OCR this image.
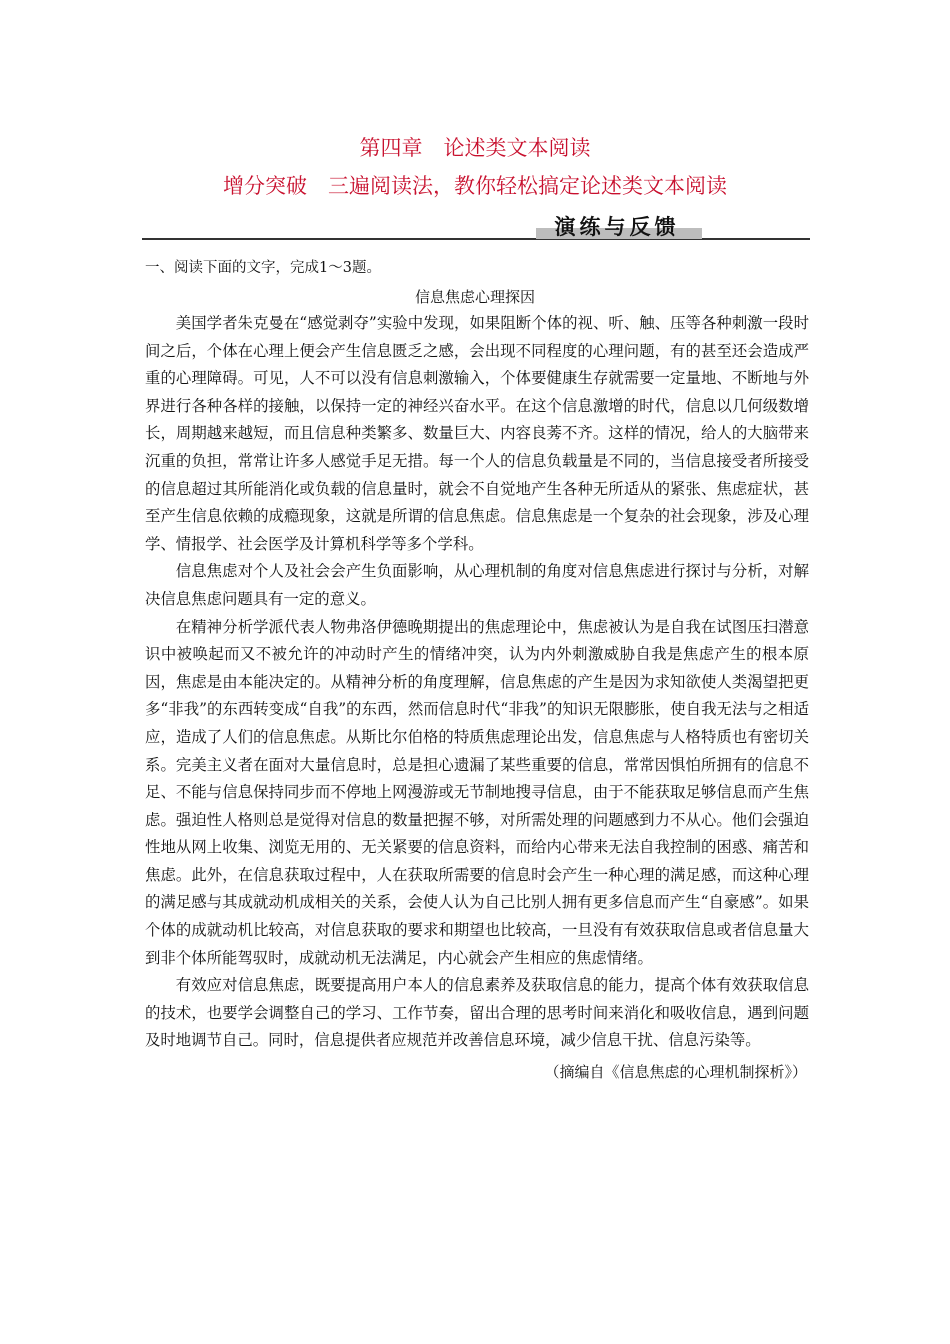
第四章　论述类文本阅读
增分突破　三遍阅读法，教你轻松搞定论述类文本阅读
演练与反馈
一、阅读下面的文字，完成1～3题。
信息焦虑心理探因

美国学者朱克曼在“感觉剥夺”实验中发现，如果阻断个体的视、听、触、压等各种刺激一段时间之后，个体在心理上便会产生信息匮乏之感，会出现不同程度的心理问题，有的甚至还会造成严重的心理障碍。可见，人不可以没有信息刺激输入，个体要健康生存就需要一定量地、不断地与外界进行各种各样的接触，以保持一定的神经兴奋水平。在这个信息激增的时代，信息以几何级数增长，周期越来越短，而且信息种类繁多、数量巨大、内容良莠不齐。这样的情况，给人的大脑带来沉重的负担，常常让许多人感觉手足无措。每一个人的信息负载量是不同的，当信息接受者所接受的信息超过其所能消化或负载的信息量时，就会不自觉地产生各种无所适从的紧张、焦虑症状，甚至产生信息依赖的成瘾现象，这就是所谓的信息焦虑。信息焦虑是一个复杂的社会现象，涉及心理学、情报学、社会医学及计算机科学等多个学科。

信息焦虑对个人及社会会产生负面影响，从心理机制的角度对信息焦虑进行探讨与分析，对解决信息焦虑问题具有一定的意义。

在精神分析学派代表人物弗洛伊德晚期提出的焦虑理论中，焦虑被认为是自我在试图压扫潜意识中被唤起而又不被允许的冲动时产生的情绪冲突，认为内外刺激威胁自我是焦虑产生的根本原因，焦虑是由本能决定的。从精神分析的角度理解，信息焦虑的产生是因为求知欲使人类渴望把更多“非我”的东西转变成“自我”的东西，然而信息时代“非我”的知识无限膨胀，使自我无法与之相适应，造成了人们的信息焦虑。从斯比尔伯格的特质焦虑理论出发，信息焦虑与人格特质也有密切关系。完美主义者在面对大量信息时，总是担心遗漏了某些重要的信息，常常因惧怕所拥有的信息不足、不能与信息保持同步而不停地上网漫游或无节制地搜寻信息，由于不能获取足够信息而产生焦虑。强迫性人格则总是觉得对信息的数量把握不够，对所需处理的问题感到力不从心。他们会强迫性地从网上收集、浏览无用的、无关紧要的信息资料，而给内心带来无法自我控制的困惑、痛苦和焦虑。此外，在信息获取过程中，人在获取所需要的信息时会产生一种心理的满足感，而这种心理的满足感与其成就动机成相关的关系，会使人认为自己比别人拥有更多信息而产生“自豪感”。如果个体的成就动机比较高，对信息获取的要求和期望也比较高，一旦没有有效获取信息或者信息量大到非个体所能驾驭时，成就动机无法满足，内心就会产生相应的焦虑情绪。

有效应对信息焦虑，既要提高用户本人的信息素养及获取信息的能力，提高个体有效获取信息的技术，也要学会调整自己的学习、工作节奏，留出合理的思考时间来消化和吸收信息，遇到问题及时地调节自己。同时，信息提供者应规范并改善信息环境，减少信息干扰、信息污染等。

（摘编自《信息焦虑的心理机制探析》）
